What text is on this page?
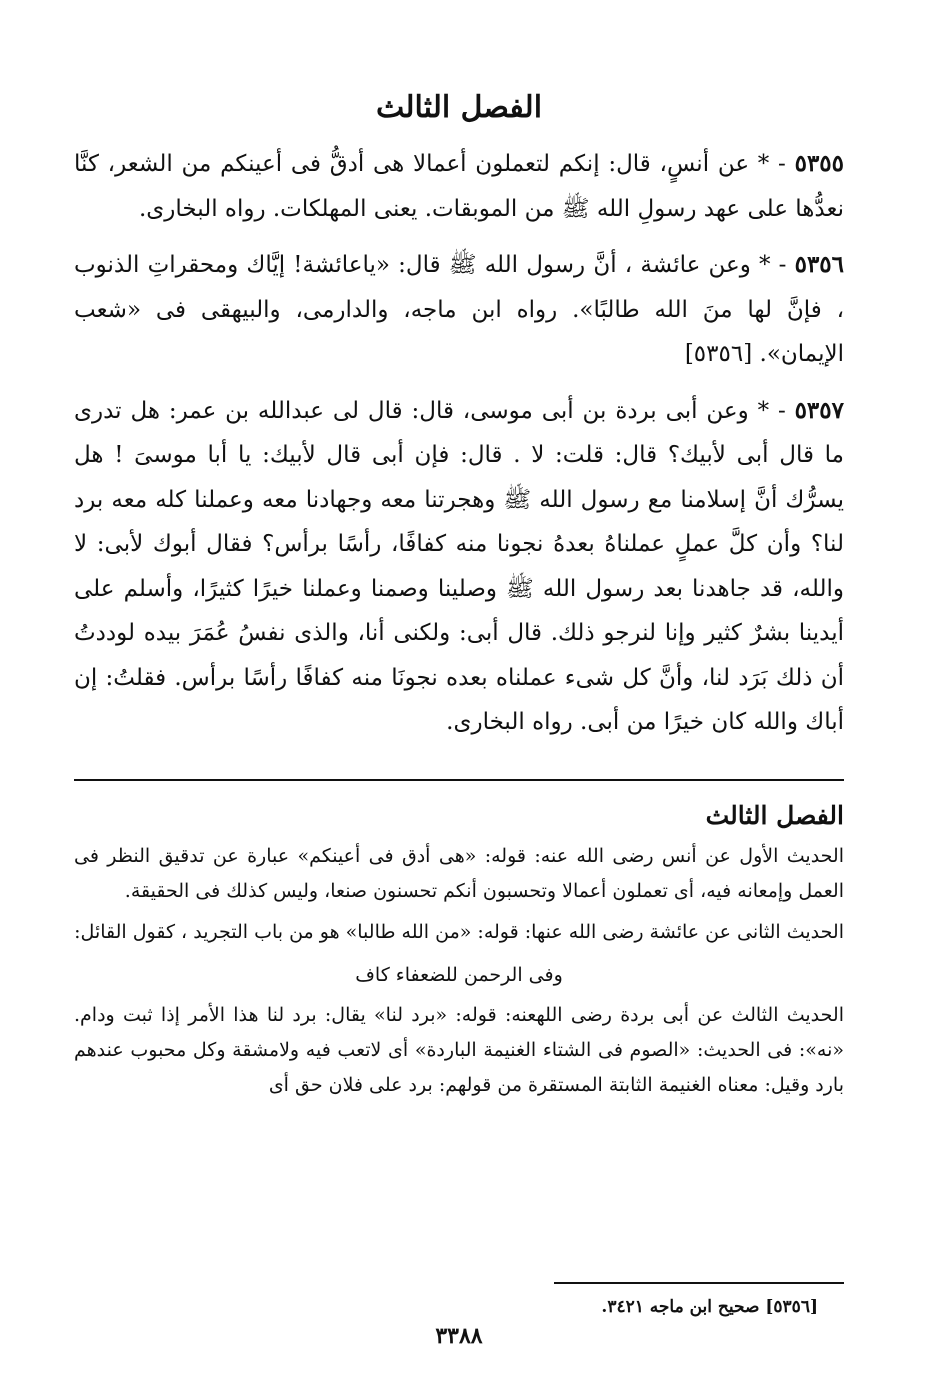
الفصل الثالث

٥٣٥٥ - * عن أنسٍ، قال: إنكم لتعملون أعمالا هى أدقُّ فى أعينكم من الشعر، كنَّا نعدُّها على عهد رسولِ الله ﷺ من الموبقات. يعنى المهلكات. رواه البخارى.

٥٣٥٦ - * وعن عائشة ، أنَّ رسول الله ﷺ قال: «ياعائشة! إيَّاك ومحقراتِ الذنوب ، فإنَّ لها منَ الله طالبًا». رواه ابن ماجه، والدارمى، والبيهقى فى «شعب الإيمان». [٥٣٥٦]

٥٣٥٧ - * وعن أبى بردة بن أبى موسى، قال: قال لى عبدالله بن عمر: هل تدرى ما قال أبى لأبيك؟ قال: قلت: لا . قال: فإن أبى قال لأبيك: يا أبا موسىَ ! هل يسرُّك أنَّ إسلامنا مع رسول الله ﷺ وهجرتنا معه وجهادنا معه وعملنا كله معه برد لنا؟ وأن كلَّ عملٍ عملناهُ بعدهُ نجونا منه كفافًا، رأسًا برأس؟ فقال أبوك لأبى: لا والله، قد جاهدنا بعد رسول الله ﷺ وصلينا وصمنا وعملنا خيرًا كثيرًا، وأسلم على أيدينا بشرٌ كثير وإنا لنرجو ذلك. قال أبى: ولكنى أنا، والذى نفسُ عُمَرَ بيده لوددتُ أن ذلك بَرَد لنا، وأنَّ كل شىء عملناه بعده نجونَا منه كفافًا رأسًا برأس. فقلتُ: إن أباك والله كان خيرًا من أبى. رواه البخارى.

الفصل الثالث

الحديث الأول عن أنس رضى الله عنه: قوله: «هى أدق فى أعينكم» عبارة عن تدقيق النظر فى العمل وإمعانه فيه، أى تعملون أعمالا وتحسبون أنكم تحسنون صنعا، وليس كذلك فى الحقيقة.

الحديث الثانى عن عائشة رضى الله عنها: قوله: «من الله طالبا» هو من باب التجريد ، كقول القائل:

وفى الرحمن للضعفاء كاف

الحديث الثالث عن أبى بردة رضى اللهعنه: قوله: «برد لنا» يقال: برد لنا هذا الأمر إذا ثبت ودام. «نه»: فى الحديث: «الصوم فى الشتاء الغنيمة الباردة» أى لاتعب فيه ولامشقة وكل محبوب عندهم بارد وقيل: معناه الغنيمة الثابتة المستقرة من قولهم: برد على فلان حق أى

[٥٣٥٦] صحيح ابن ماجه ٣٤٢١.
٣٣٨٨
